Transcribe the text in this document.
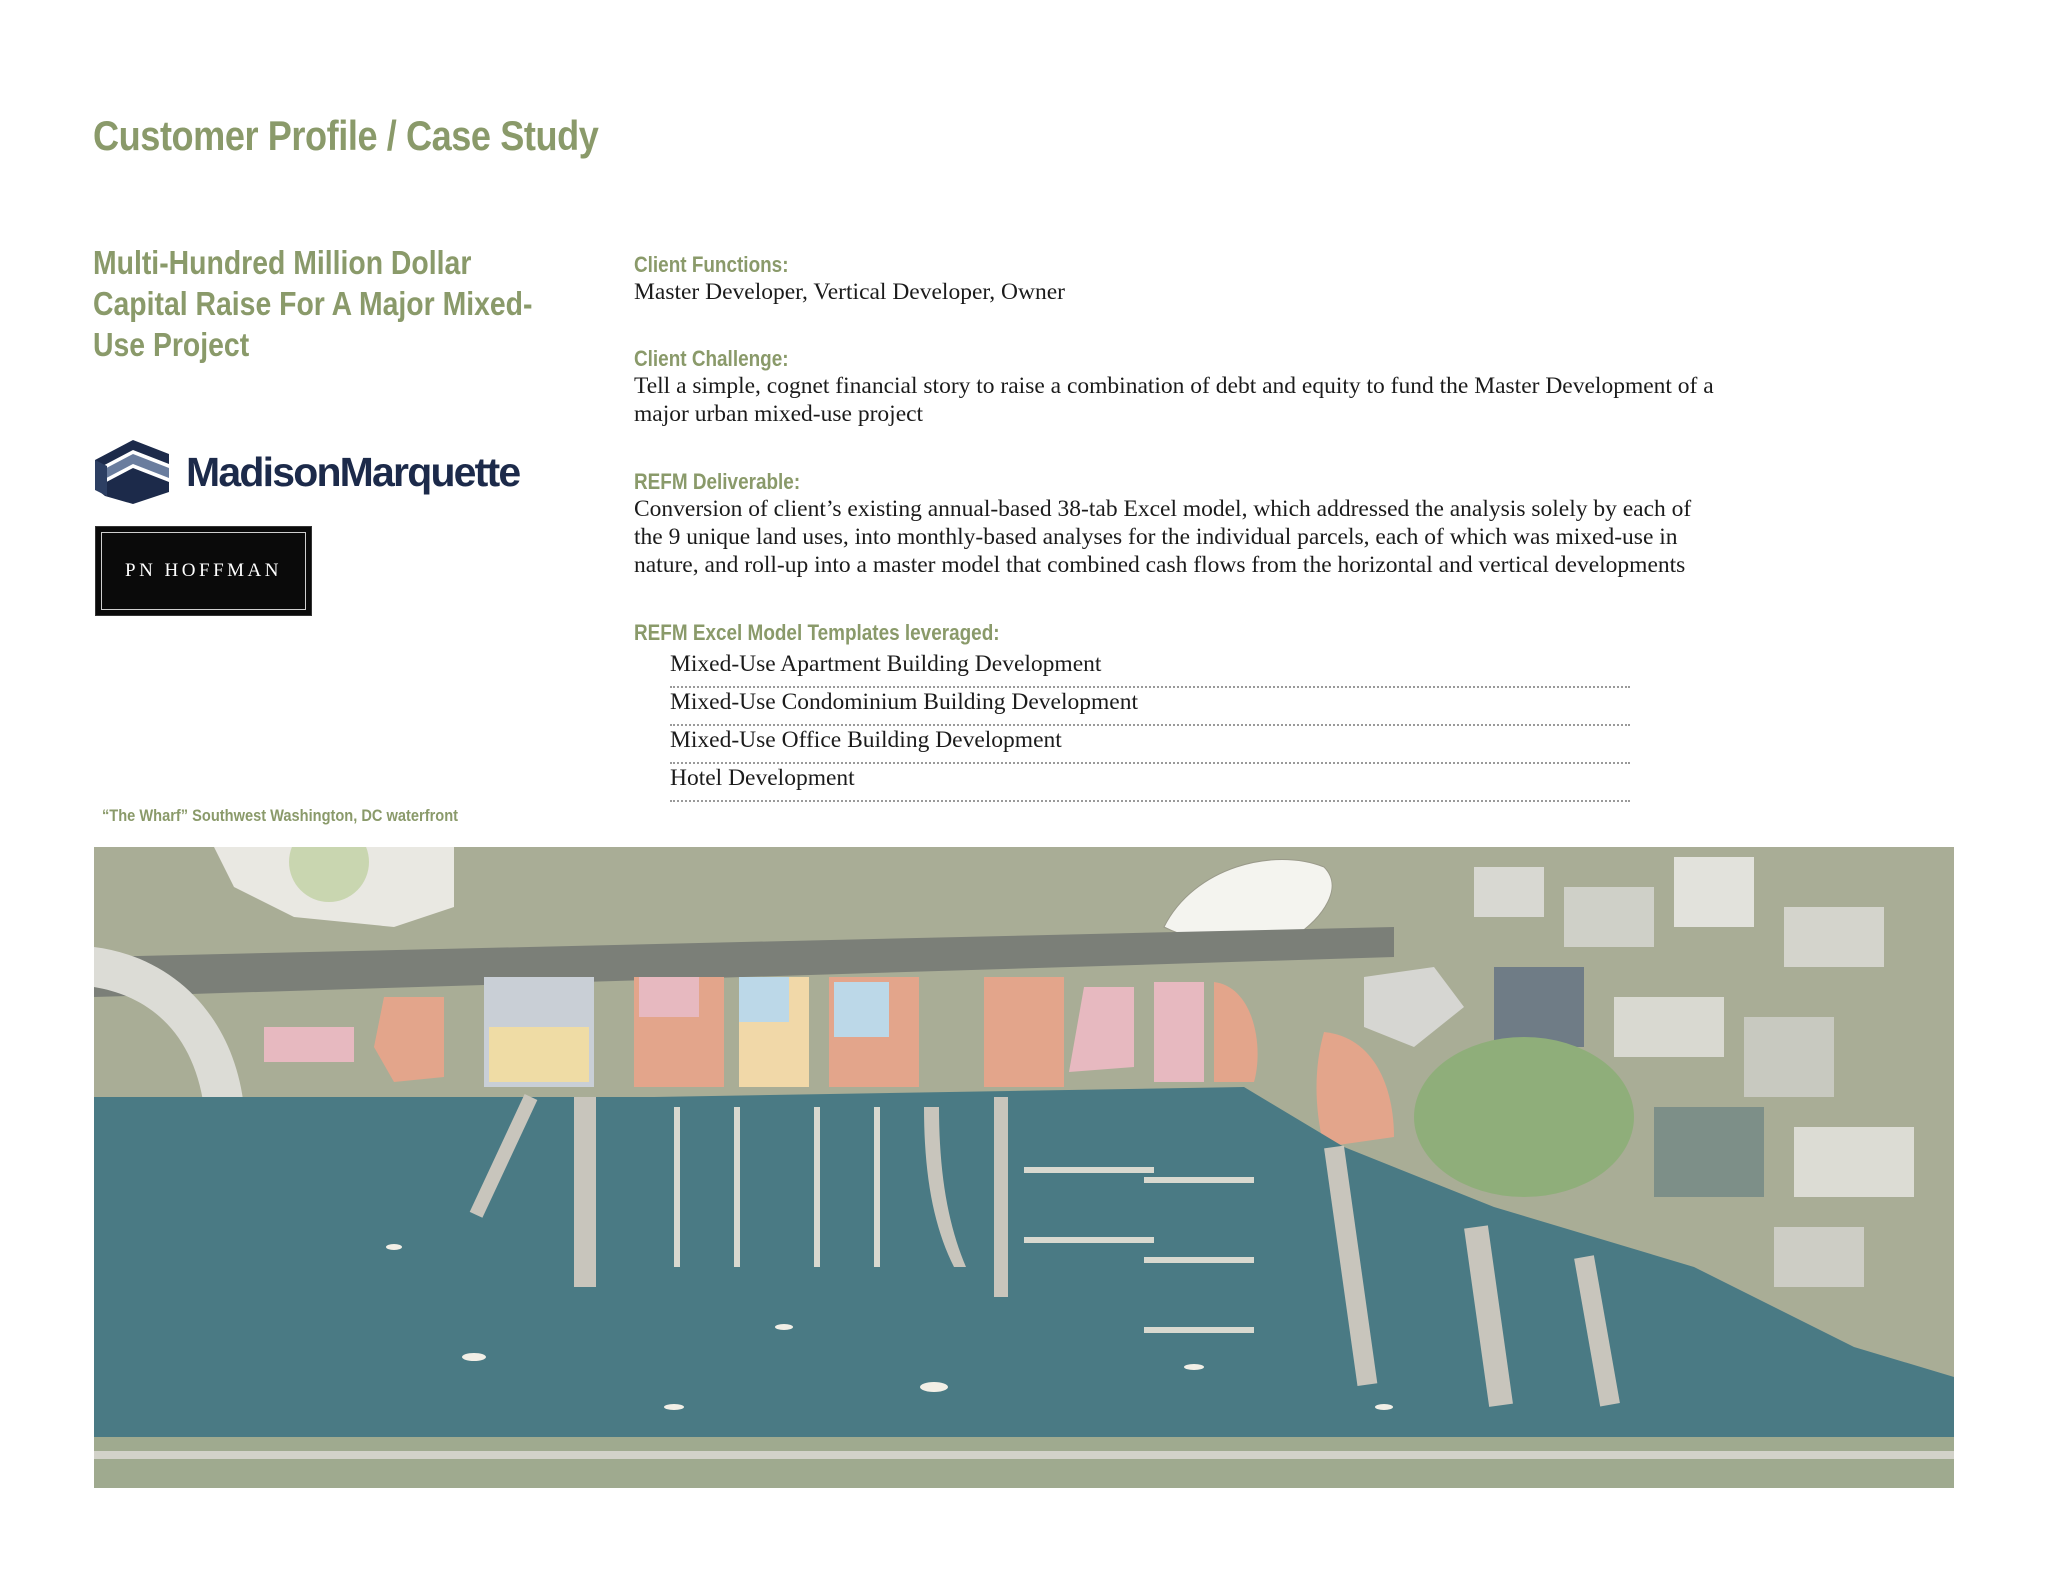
Customer Profile / Case Study
Multi-Hundred Million Dollar Capital Raise For A Major Mixed-Use Project
MadisonMarquette
PN HOFFMAN
“The Wharf” Southwest Washington, DC waterfront
Client Functions:
Master Developer, Vertical Developer, Owner
Client Challenge:
Tell a simple, cognet financial story to raise a combination of debt and equity to fund the Master Development of a major urban mixed-use project
REFM Deliverable:
Conversion of client’s existing annual-based 38-tab Excel model, which addressed the analysis solely by each of the 9 unique land uses, into monthly-based analyses for the individual parcels, each of which was mixed-use in nature, and roll-up into a master model that combined cash flows from the horizontal and vertical developments
REFM Excel Model Templates leveraged:
Mixed-Use Apartment Building Development
Mixed-Use Condominium Building Development
Mixed-Use Office Building Development
Hotel Development
